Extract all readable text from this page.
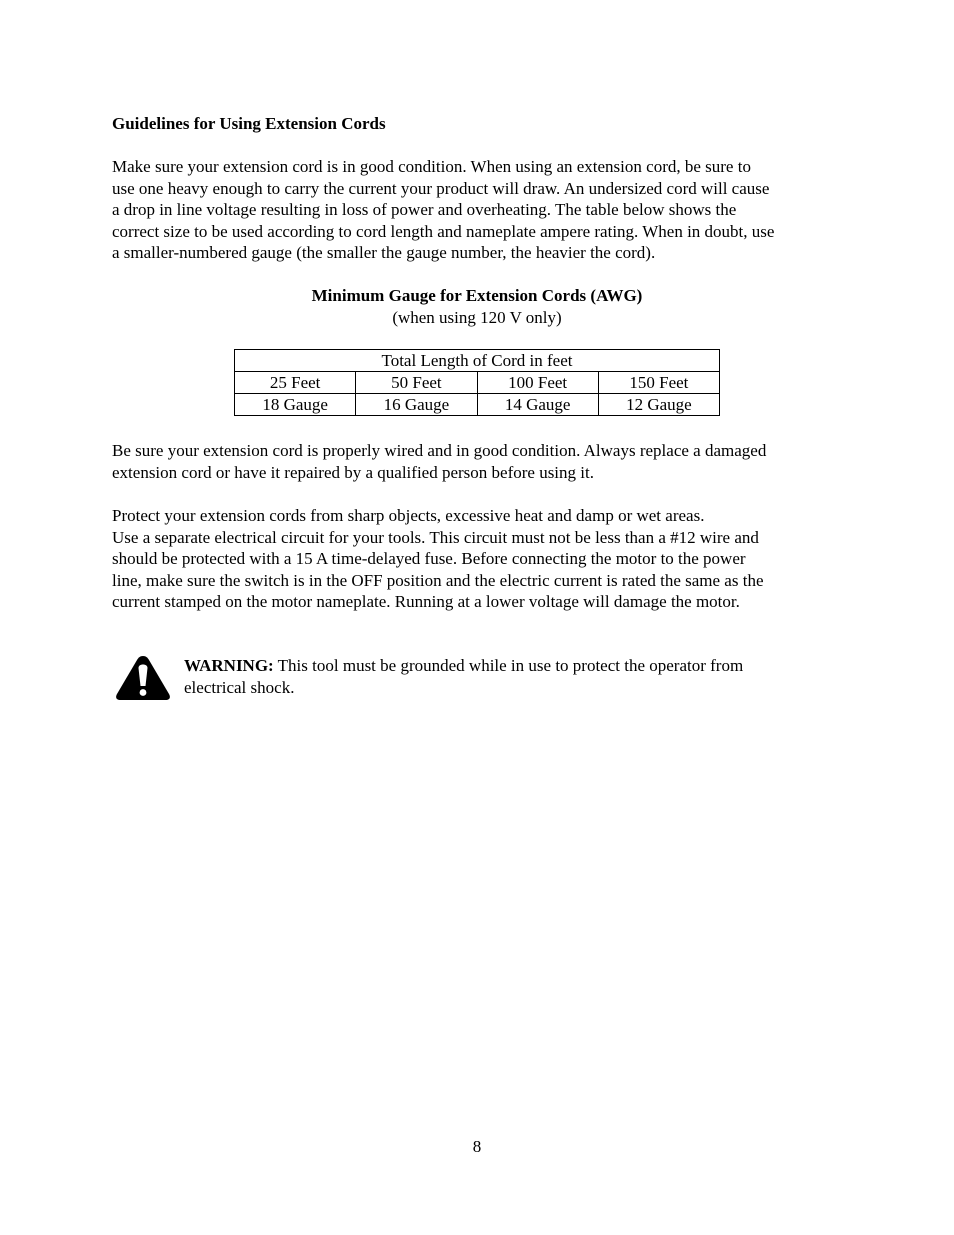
Guidelines for Using Extension Cords

Make sure your extension cord is in good condition. When using an extension cord, be sure to
use one heavy enough to carry the current your product will draw. An undersized cord will cause
a drop in line voltage resulting in loss of power and overheating. The table below shows the
correct size to be used according to cord length and nameplate ampere rating. When in doubt, use
a smaller-numbered gauge (the smaller the gauge number, the heavier the cord).

Minimum Gauge for Extension Cords (AWG)
(when using 120 V only)
Total Length of Cord in feet			
25 Feet	50 Feet	100 Feet	150 Feet
18 Gauge	16 Gauge	14 Gauge	12 Gauge

Be sure your extension cord is properly wired and in good condition. Always replace a damaged
extension cord or have it repaired by a qualified person before using it.

Protect your extension cords from sharp objects, excessive heat and damp or wet areas.
Use a separate electrical circuit for your tools. This circuit must not be less than a #12 wire and
should be protected with a 15 A time-delayed fuse. Before connecting the motor to the power
line, make sure the switch is in the OFF position and the electric current is rated the same as the
current stamped on the motor nameplate. Running at a lower voltage will damage the motor.

WARNING: This tool must be grounded while in use to protect the operator from
electrical shock.

8
